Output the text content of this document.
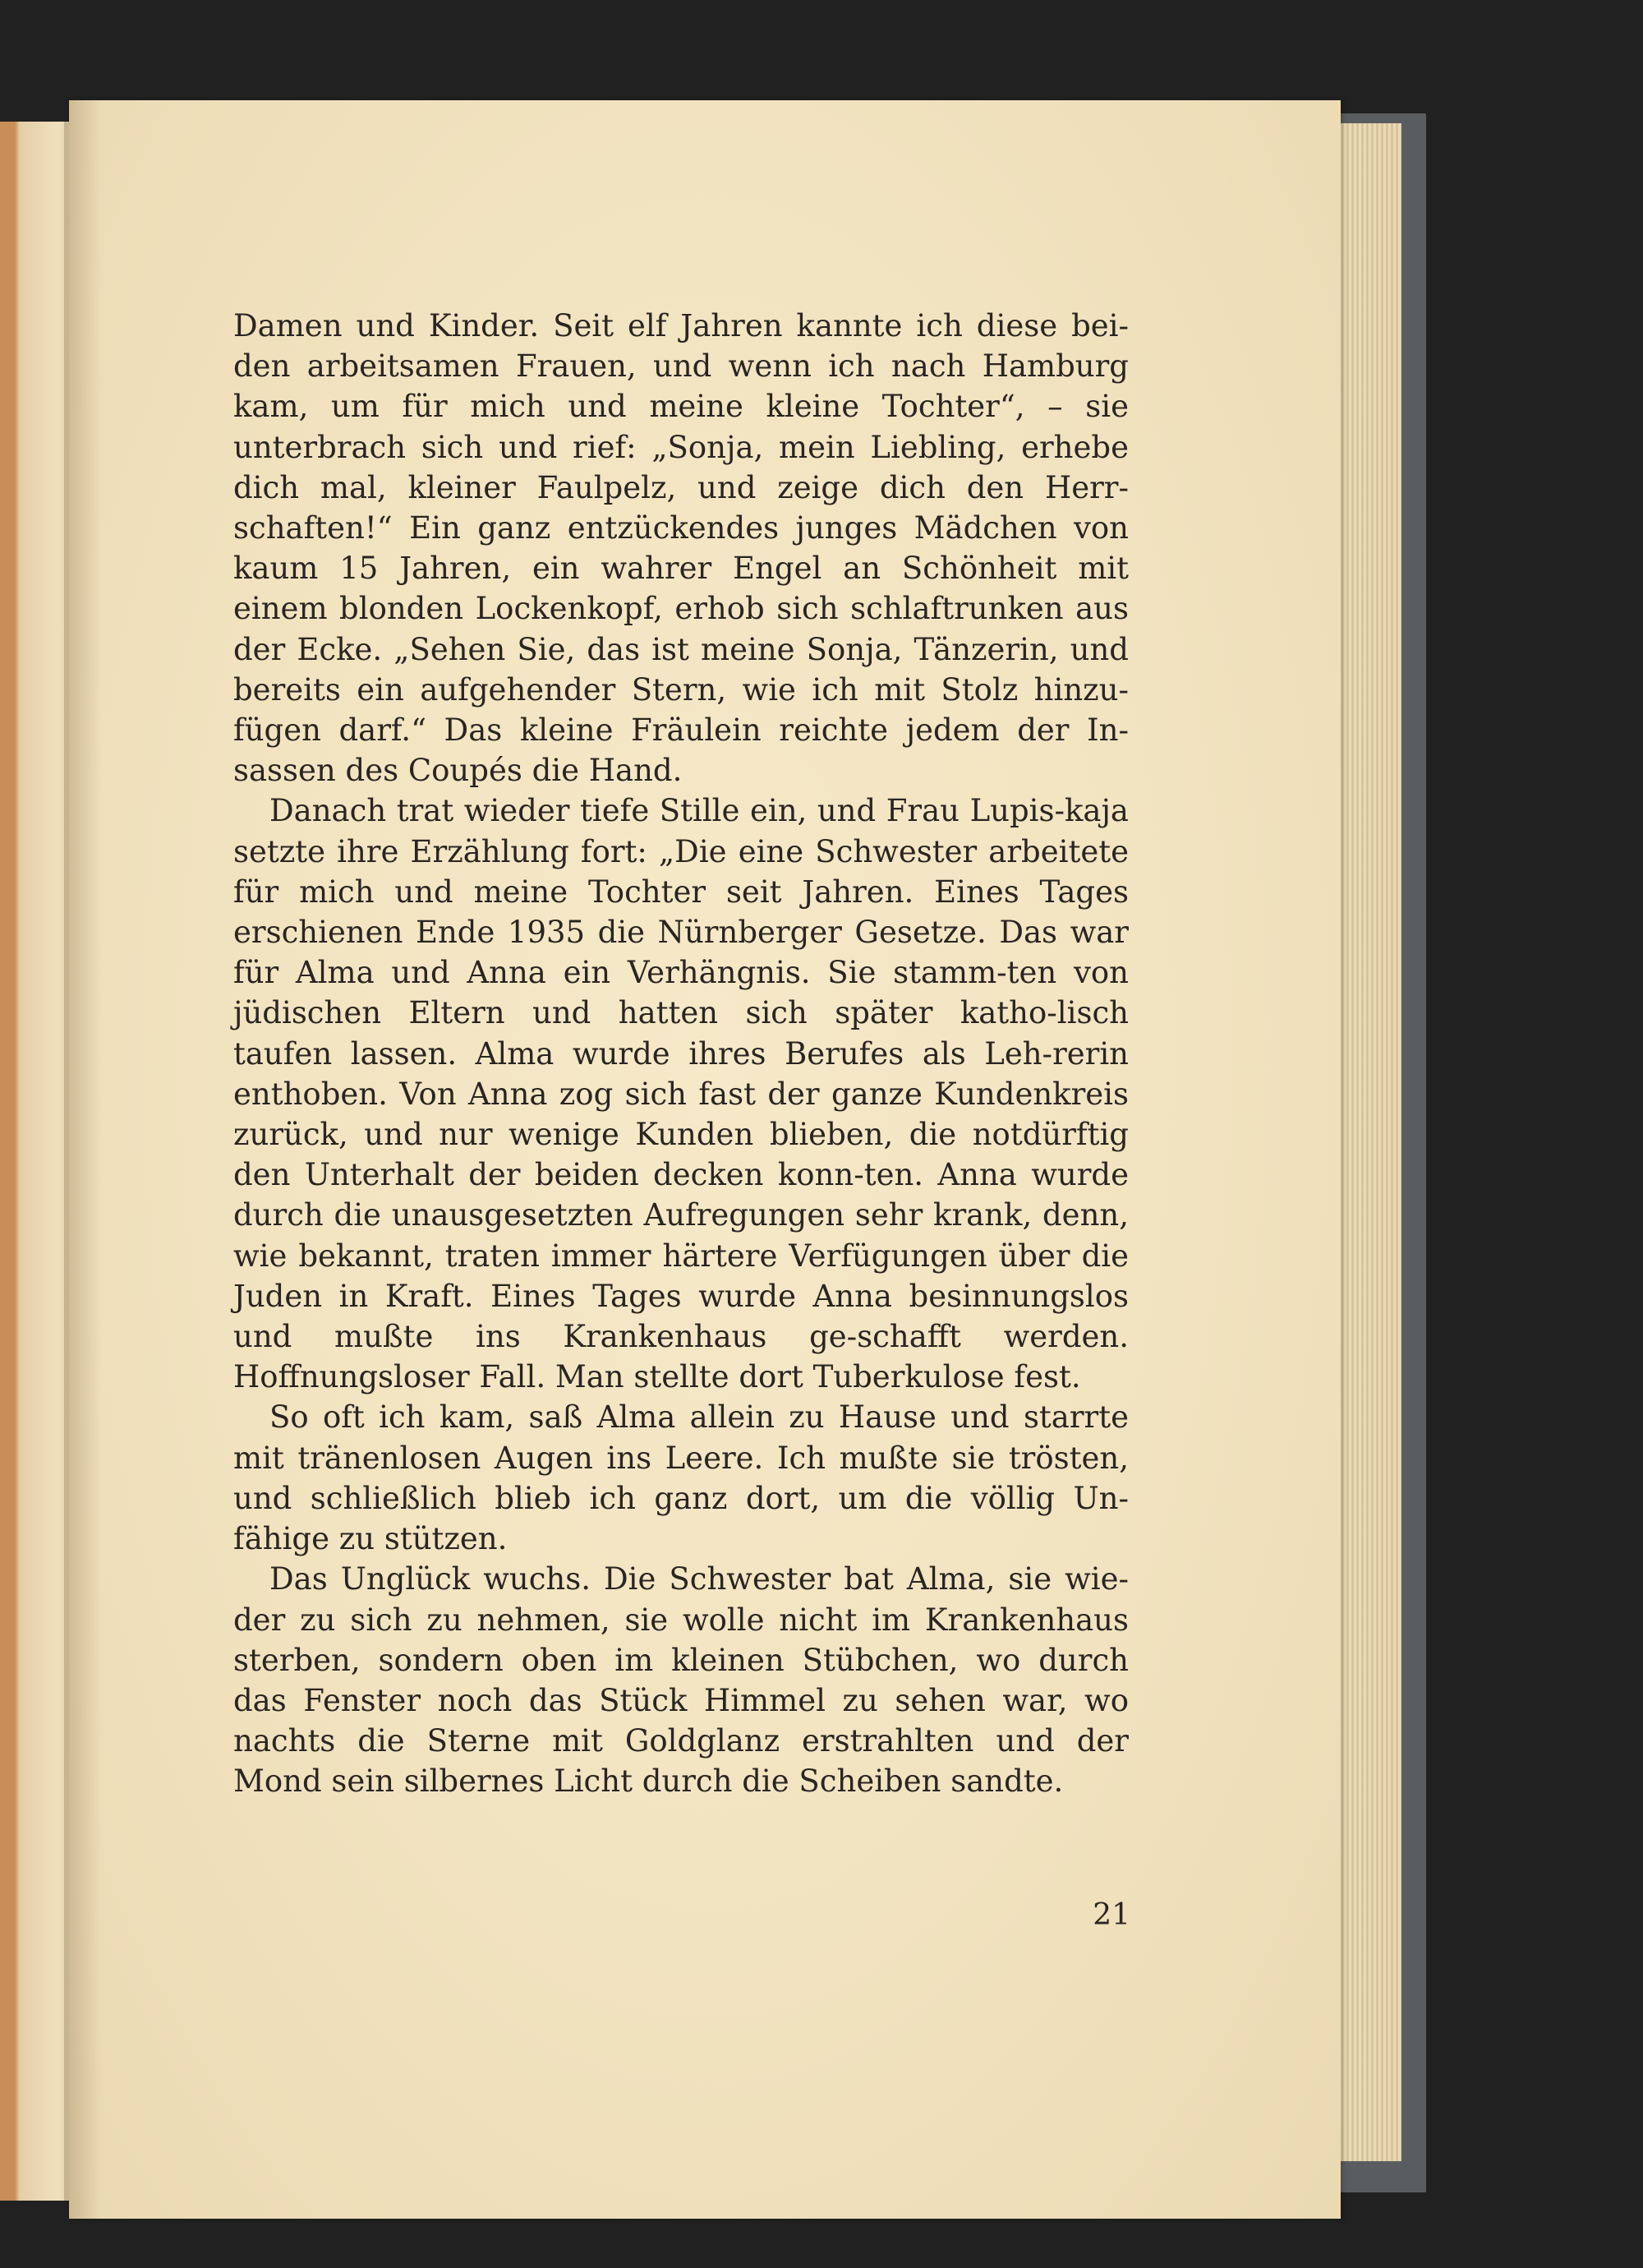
Damen und Kinder. Seit elf Jahren kannte ich diese bei-den arbeitsamen Frauen, und wenn ich nach Hamburg kam, um für mich und meine kleine Tochter“, – sie unterbrach sich und rief: „Sonja, mein Liebling, erhebe dich mal, kleiner Faulpelz, und zeige dich den Herr-schaften!“ Ein ganz entzückendes junges Mädchen von kaum 15 Jahren, ein wahrer Engel an Schönheit mit einem blonden Lockenkopf, erhob sich schlaftrunken aus der Ecke. „Sehen Sie, das ist meine Sonja, Tänzerin, und bereits ein aufgehender Stern, wie ich mit Stolz hinzu-fügen darf.“ Das kleine Fräulein reichte jedem der In-sassen des Coupés die Hand.

Danach trat wieder tiefe Stille ein, und Frau Lupis-kaja setzte ihre Erzählung fort: „Die eine Schwester arbeitete für mich und meine Tochter seit Jahren. Eines Tages erschienen Ende 1935 die Nürnberger Gesetze. Das war für Alma und Anna ein Verhängnis. Sie stamm-ten von jüdischen Eltern und hatten sich später katho-lisch taufen lassen. Alma wurde ihres Berufes als Leh-rerin enthoben. Von Anna zog sich fast der ganze Kundenkreis zurück, und nur wenige Kunden blieben, die notdürftig den Unterhalt der beiden decken konn-ten. Anna wurde durch die unausgesetzten Aufregungen sehr krank, denn, wie bekannt, traten immer härtere Verfügungen über die Juden in Kraft. Eines Tages wurde Anna besinnungslos und mußte ins Krankenhaus ge-schafft werden. Hoffnungsloser Fall. Man stellte dort Tuberkulose fest.

So oft ich kam, saß Alma allein zu Hause und starrte mit tränenlosen Augen ins Leere. Ich mußte sie trösten, und schließlich blieb ich ganz dort, um die völlig Un-fähige zu stützen.

Das Unglück wuchs. Die Schwester bat Alma, sie wie-der zu sich zu nehmen, sie wolle nicht im Krankenhaus sterben, sondern oben im kleinen Stübchen, wo durch das Fenster noch das Stück Himmel zu sehen war, wo nachts die Sterne mit Goldglanz erstrahlten und der Mond sein silbernes Licht durch die Scheiben sandte.

21
